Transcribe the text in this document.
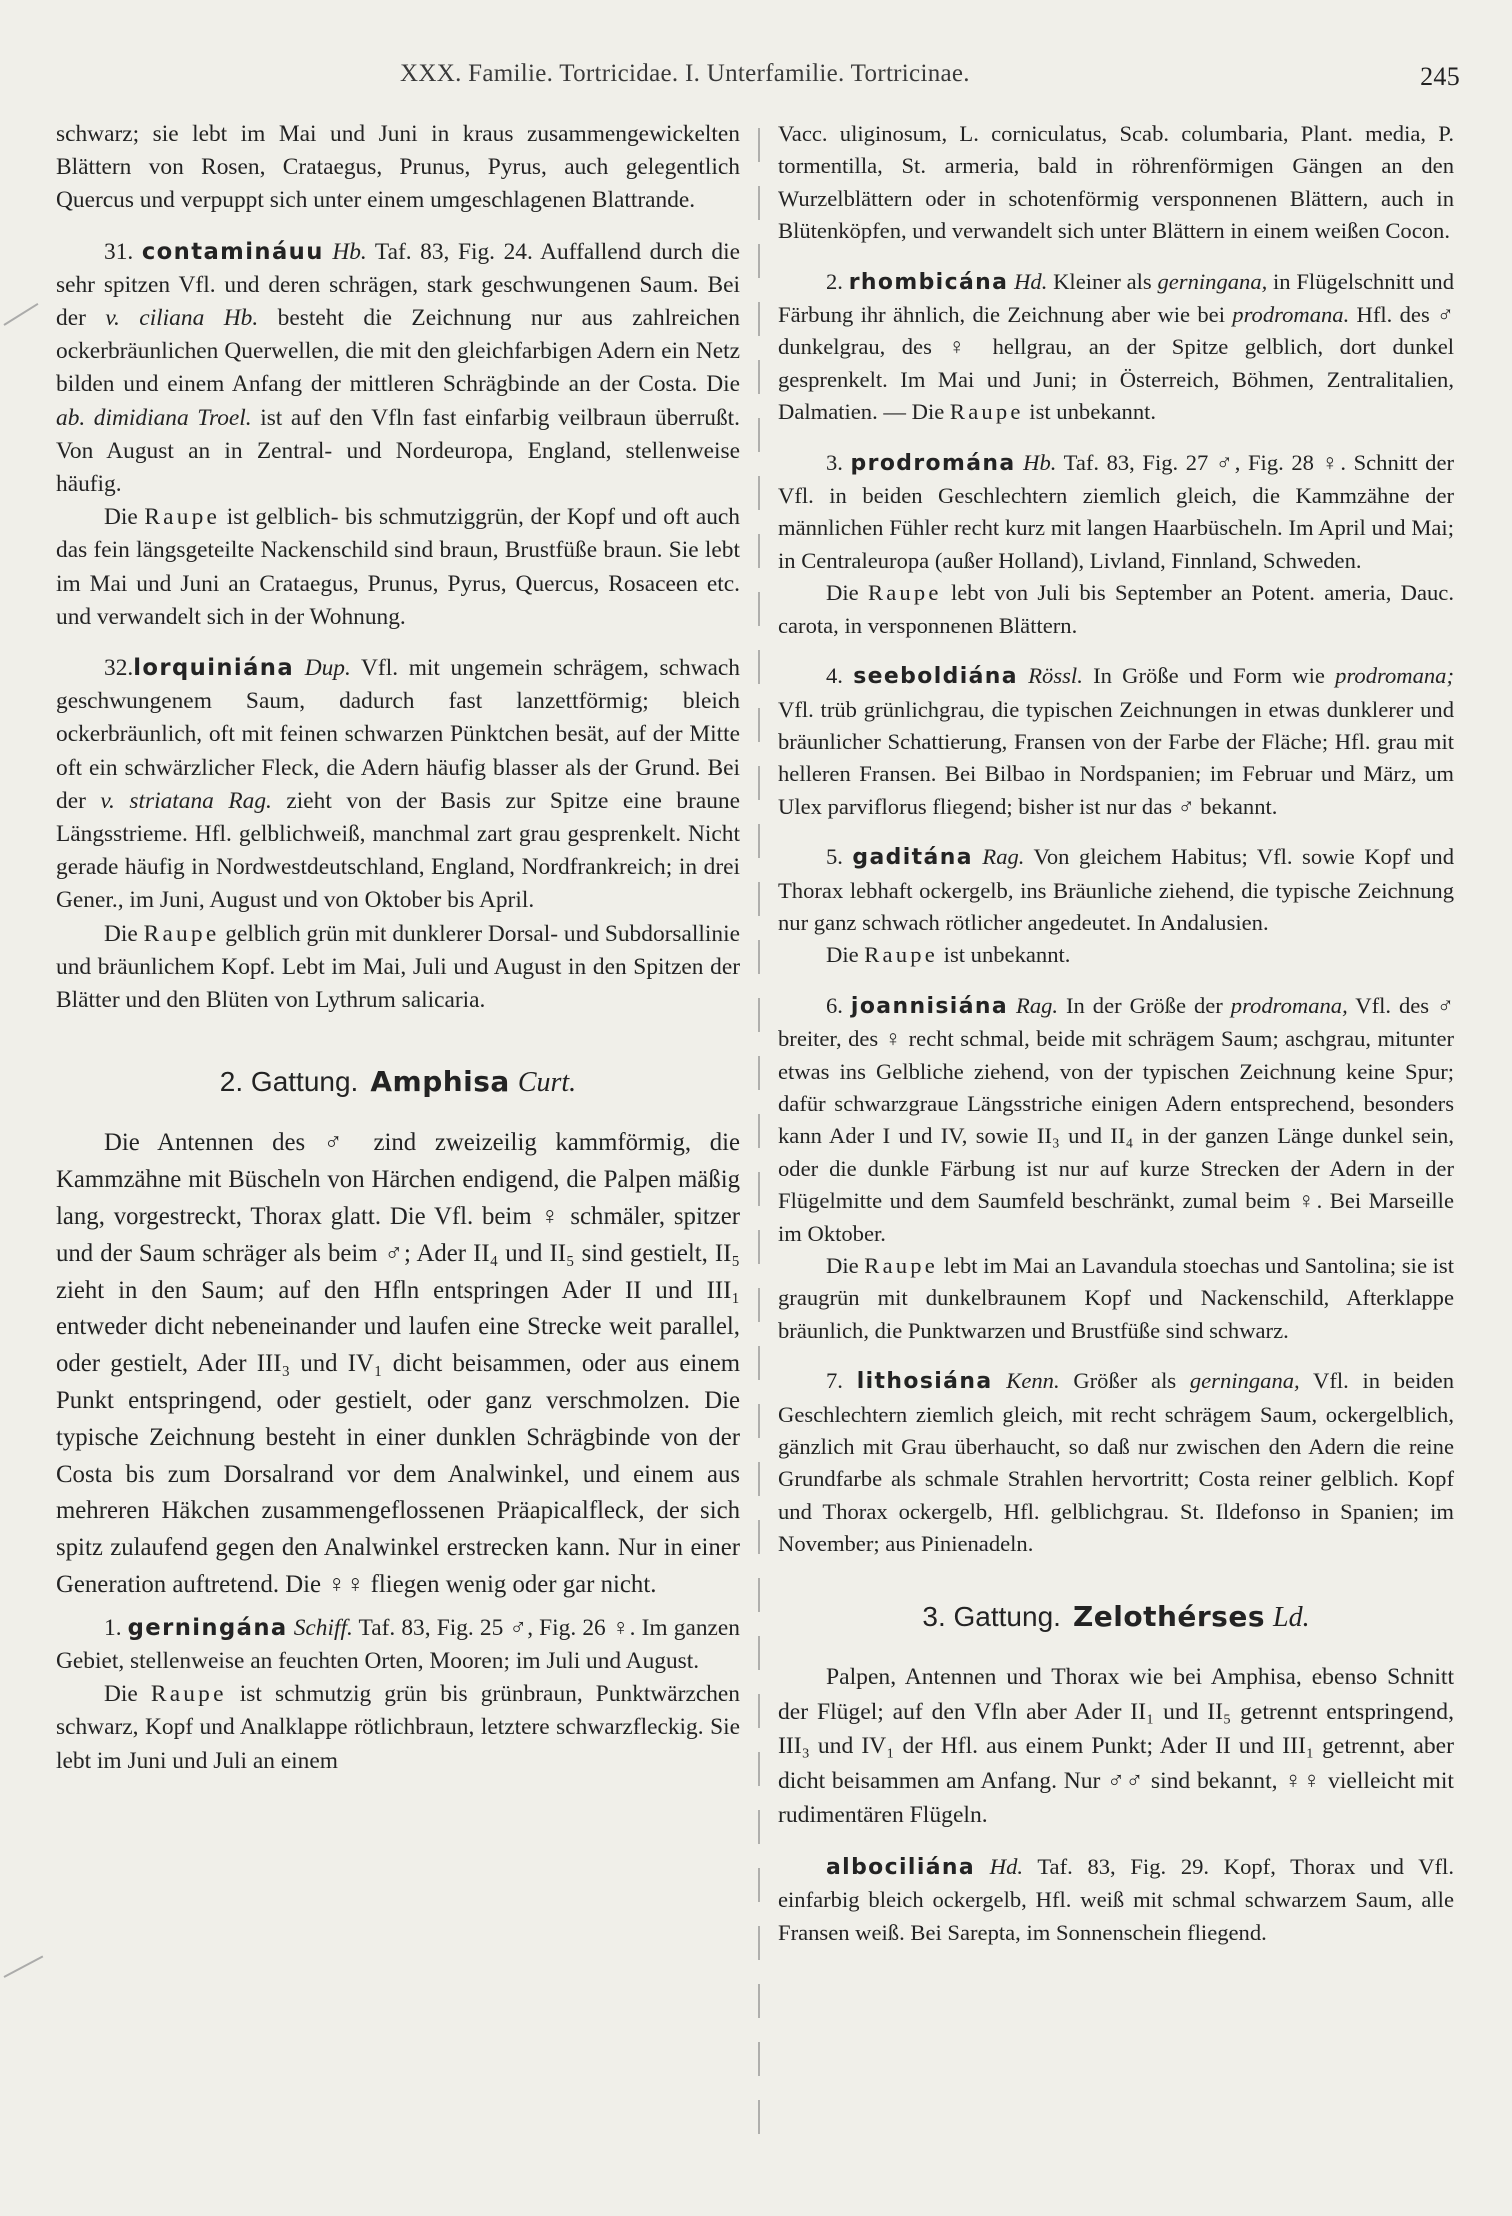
XXX. Familie. Tortricidae. I. Unterfamilie. Tortricinae.	245

schwarz; sie lebt im Mai und Juni in kraus zusammengewickelten Blättern von Rosen, Crataegus, Prunus, Pyrus, auch gelegentlich Quercus und verpuppt sich unter einem umgeschlagenen Blattrande.

31. contamináuu Hb. Taf. 83, Fig. 24. Auffallend durch die sehr spitzen Vfl. und deren schrägen, stark geschwungenen Saum. Bei der v. ciliana Hb. besteht die Zeichnung nur aus zahlreichen ockerbräunlichen Querwellen, die mit den gleichfarbigen Adern ein Netz bilden und einem Anfang der mittleren Schrägbinde an der Costa. Die ab. dimidiana Troel. ist auf den Vfln fast einfarbig veilbraun überrußt. Von August an in Zentral- und Nordeuropa, England, stellenweise häufig.

Die Raupe ist gelblich- bis schmutziggrün, der Kopf und oft auch das fein längsgeteilte Nackenschild sind braun, Brustfüße braun. Sie lebt im Mai und Juni an Crataegus, Prunus, Pyrus, Quercus, Rosaceen etc. und verwandelt sich in der Wohnung.

32.lorquiniána Dup. Vfl. mit ungemein schrägem, schwach geschwungenem Saum, dadurch fast lanzettförmig; bleich ockerbräunlich, oft mit feinen schwarzen Pünktchen besät, auf der Mitte oft ein schwärzlicher Fleck, die Adern häufig blasser als der Grund. Bei der v. striatana Rag. zieht von der Basis zur Spitze eine braune Längsstrieme. Hfl. gelblichweiß, manchmal zart grau gesprenkelt. Nicht gerade häufig in Nordwestdeutschland, England, Nordfrankreich; in drei Gener., im Juni, August und von Oktober bis April.

Die Raupe gelblich grün mit dunklerer Dorsal- und Subdorsallinie und bräunlichem Kopf. Lebt im Mai, Juli und August in den Spitzen der Blätter und den Blüten von Lythrum salicaria.

2. Gattung. Amphisa Curt.

Die Antennen des ♂ zind zweizeilig kammförmig, die Kammzähne mit Büscheln von Härchen endigend, die Palpen mäßig lang, vorgestreckt, Thorax glatt. Die Vfl. beim ♀ schmäler, spitzer und der Saum schräger als beim ♂; Ader II₄ und II₅ sind gestielt, II₅ zieht in den Saum; auf den Hfln entspringen Ader II und III₁ entweder dicht nebeneinander und laufen eine Strecke weit parallel, oder gestielt, Ader III₃ und IV₁ dicht beisammen, oder aus einem Punkt entspringend, oder gestielt, oder ganz verschmolzen. Die typische Zeichnung besteht in einer dunklen Schrägbinde von der Costa bis zum Dorsalrand vor dem Analwinkel, und einem aus mehreren Häkchen zusammengeflossenen Präapicalfleck, der sich spitz zulaufend gegen den Analwinkel erstrecken kann. Nur in einer Generation auftretend. Die ♀♀ fliegen wenig oder gar nicht.

1. gerningána Schiff. Taf. 83, Fig. 25 ♂, Fig. 26 ♀. Im ganzen Gebiet, stellenweise an feuchten Orten, Mooren; im Juli und August.

Die Raupe ist schmutzig grün bis grünbraun, Punktwärzchen schwarz, Kopf und Analklappe rötlichbraun, letztere schwarzfleckig. Sie lebt im Juni und Juli an einem

Vacc. uliginosum, L. corniculatus, Scab. columbaria, Plant. media, P. tormentilla, St. armeria, bald in röhrenförmigen Gängen an den Wurzelblättern oder in schotenförmig versponnenen Blättern, auch in Blütenköpfen, und verwandelt sich unter Blättern in einem weißen Cocon.

2. rhombicána Hd. Kleiner als gerningana, in Flügelschnitt und Färbung ihr ähnlich, die Zeichnung aber wie bei prodromana. Hfl. des ♂ dunkelgrau, des ♀ hellgrau, an der Spitze gelblich, dort dunkel gesprenkelt. Im Mai und Juni; in Österreich, Böhmen, Zentralitalien, Dalmatien. — Die Raupe ist unbekannt.

3. prodromána Hb. Taf. 83, Fig. 27 ♂, Fig. 28 ♀. Schnitt der Vfl. in beiden Geschlechtern ziemlich gleich, die Kammzähne der männlichen Fühler recht kurz mit langen Haarbüscheln. Im April und Mai; in Centraleuropa (außer Holland), Livland, Finnland, Schweden.

Die Raupe lebt von Juli bis September an Potent. ameria, Dauc. carota, in versponnenen Blättern.

4. seeboldiána Rössl. In Größe und Form wie prodromana; Vfl. trüb grünlichgrau, die typischen Zeichnungen in etwas dunklerer und bräunlicher Schattierung, Fransen von der Farbe der Fläche; Hfl. grau mit helleren Fransen. Bei Bilbao in Nordspanien; im Februar und März, um Ulex parviflorus fliegend; bisher ist nur das ♂ bekannt.

5. gaditána Rag. Von gleichem Habitus; Vfl. sowie Kopf und Thorax lebhaft ockergelb, ins Bräunliche ziehend, die typische Zeichnung nur ganz schwach rötlicher angedeutet. In Andalusien.

Die Raupe ist unbekannt.

6. joannisiána Rag. In der Größe der prodromana, Vfl. des ♂ breiter, des ♀ recht schmal, beide mit schrägem Saum; aschgrau, mitunter etwas ins Gelbliche ziehend, von der typischen Zeichnung keine Spur; dafür schwarzgraue Längsstriche einigen Adern entsprechend, besonders kann Ader I und IV, sowie II₃ und II₄ in der ganzen Länge dunkel sein, oder die dunkle Färbung ist nur auf kurze Strecken der Adern in der Flügelmitte und dem Saumfeld beschränkt, zumal beim ♀. Bei Marseille im Oktober.

Die Raupe lebt im Mai an Lavandula stoechas und Santolina; sie ist graugrün mit dunkelbraunem Kopf und Nackenschild, Afterklappe bräunlich, die Punktwarzen und Brustfüße sind schwarz.

7. lithosiána Kenn. Größer als gerningana, Vfl. in beiden Geschlechtern ziemlich gleich, mit recht schrägem Saum, ockergelblich, gänzlich mit Grau überhaucht, so daß nur zwischen den Adern die reine Grundfarbe als schmale Strahlen hervortritt; Costa reiner gelblich. Kopf und Thorax ockergelb, Hfl. gelblichgrau. St. Ildefonso in Spanien; im November; aus Pinienadeln.

3. Gattung. Zelothérses Ld.

Palpen, Antennen und Thorax wie bei Amphisa, ebenso Schnitt der Flügel; auf den Vfln aber Ader II₁ und II₅ getrennt entspringend, III₃ und IV₁ der Hfl. aus einem Punkt; Ader II und III₁ getrennt, aber dicht beisammen am Anfang. Nur ♂♂ sind bekannt, ♀♀ vielleicht mit rudimentären Flügeln.

albociliána Hd. Taf. 83, Fig. 29. Kopf, Thorax und Vfl. einfarbig bleich ockergelb, Hfl. weiß mit schmal schwarzem Saum, alle Fransen weiß. Bei Sarepta, im Sonnenschein fliegend.
